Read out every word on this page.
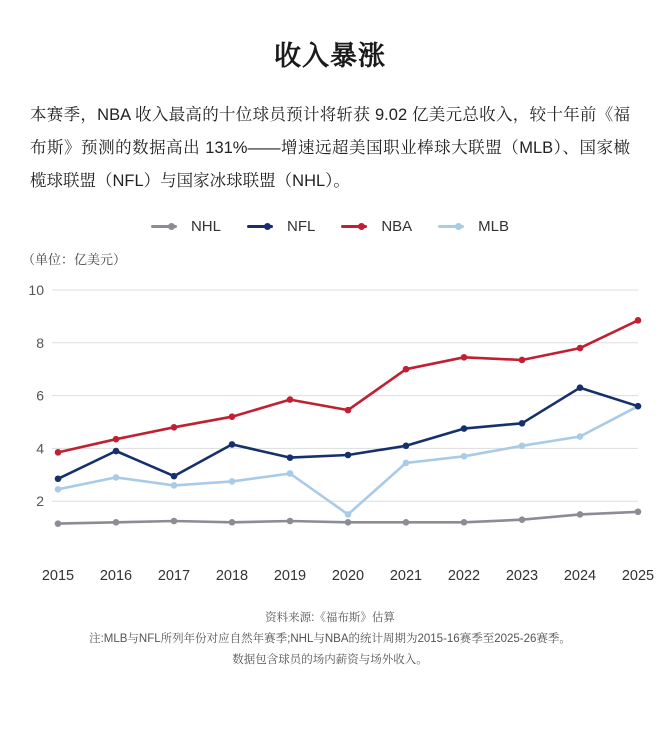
收入暴涨
本赛季，NBA 收入最高的十位球员预计将斩获 9.02 亿美元总收入，较十年前《福布斯》预测的数据高出 131%——增速远超美国职业棒球大联盟（MLB）、国家橄榄球联盟（NFL）与国家冰球联盟（NHL）。
NHL	NFL	NBA	MLB
（单位：亿美元）
2
4
6
8
10
2015 2016 2017 2018 2019 2020 2021 2022 2023 2024 2025
资料来源:《福布斯》估算
注:MLB与NFL所列年份对应自然年赛季;NHL与NBA的统计周期为2015-16赛季至2025-26赛季。
数据包含球员的场内薪资与场外收入。
